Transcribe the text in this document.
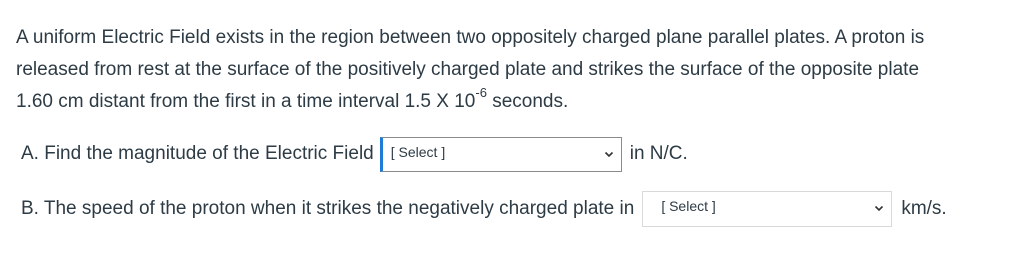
A uniform Electric Field exists in the region between two oppositely charged plane parallel plates. A proton is
released from rest at the surface of the positively charged plate and strikes the surface of the opposite plate
1.60 cm distant from the first in a time interval 1.5 X $10^{-6}$ seconds.
A. Find the magnitude of the Electric Field [ Select ]	in N/C.
B. The speed of the proton when it strikes the negatively charged plate in [ Select ]	km/s.
